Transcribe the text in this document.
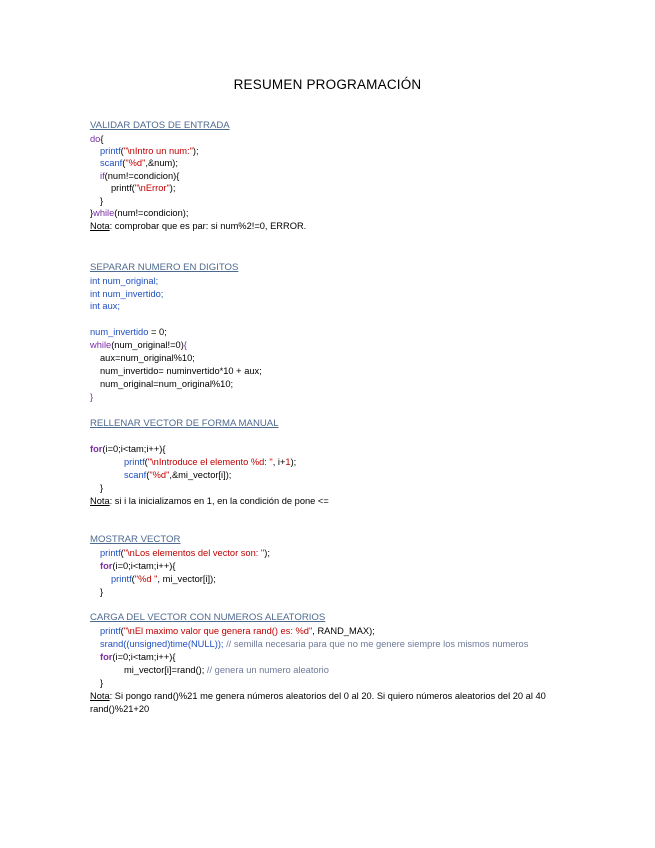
RESUMEN PROGRAMACIÓN
VALIDAR DATOS DE ENTRADA
do{
printf("\nIntro un num:");
scanf("%d",&num);
if(num!=condicion){
printf("\nError");
}
}while(num!=condicion);
Nota: comprobar que es par: si num%2!=0, ERROR.
SEPARAR NUMERO EN DIGITOS
int num_original;
int num_invertido;
int aux;
num_invertido = 0;
while(num_original!=0){
aux=num_original%10;
num_invertido= numinvertido*10 + aux;
num_original=num_original%10;
}
RELLENAR VECTOR DE FORMA MANUAL
for(i=0;i<tam;i++){
printf("\nIntroduce el elemento %d: ", i+1);
scanf("%d",&mi_vector[i]);
}
Nota: si i la inicializamos en 1, en la condición de pone <=
MOSTRAR VECTOR
printf("\nLos elementos del vector son: ");
for(i=0;i<tam;i++){
printf("%d ", mi_vector[i]);
}
CARGA DEL VECTOR CON NUMEROS ALEATORIOS
printf("\nEl maximo valor que genera rand() es: %d", RAND_MAX);
srand((unsigned)time(NULL)); // semilla necesaria para que no me genere siempre los mismos numeros
for(i=0;i<tam;i++){
mi_vector[i]=rand(); // genera un numero aleatorio
}
Nota: Si pongo rand()%21 me genera números aleatorios del 0 al 20. Si quiero números aleatorios del 20 al 40
rand()%21+20
